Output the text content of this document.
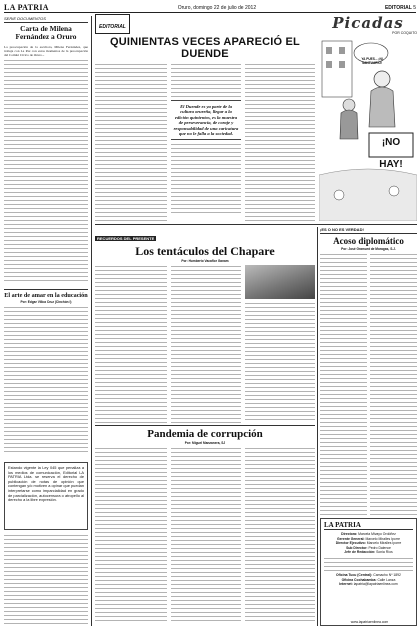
LA PATRIA	Oruro, domingo 22 de julio de 2012	EDITORIAL 5
SERIE DOCUMENTOS
Carta de Milena Fernández a Oruro
La preocupación de la escritora, Milena Fernández, que trabaja con La Paz con estos momentos de la preocupación del Comité Cívico de Oruro...
El arte de amar en la educación
Por: Edgar Villca Cruz (Cinchón I)
Estando vigente la Ley 045 que penaliza a los medios de comunicación, Editorial LA PATRIA Ltda. se reserva el derecho de publicación de notas de opinión que contengan y/o motiven a opinar que puedan interpretarse como imparcialidad en grado de parcialización, autocensura o atropello al derecho a la libre expresión.
EDITORIAL
QUINIENTAS VECES APARECIÓ EL DUENDE
El Duende es ya parte de la cultura orureña, llegar a la edición quinientos, es la muestra de perseverancia, de coraje y responsabilidad de una caricatura que no le falla a la sociedad.
Picadas
POR COQUITO
YA PUES... ¡NI SANTUARIO!
¡NO HAY!
RECUERDOS DEL PRESENTE
Los tentáculos del Chapare
Por: Humberto Vacaflor Ganam
Pandemia de corrupción
Por: Miguel Manzanera, SJ
¡ES O NO ES VERDAD!
Acoso diplomático
Por: José Gramunt de Moragas, S.J.
LA PATRIA
Directora: Marcela Mivayo Ordóñez
Gerente General: Marcelo Miralles Iporre
Director Ejecutivo: Marcelo Miralles Iporre
Sub Director: Pedro Dalence
Jefe de Redacción: Sonia Ríos
Oficina Tucu (Central): Camacho Nº 1892
Oficina Cochabamba: Calle Lanza
Internet: lapatria@lapatriaenlinea.com
www.lapatriaenlinea.com
